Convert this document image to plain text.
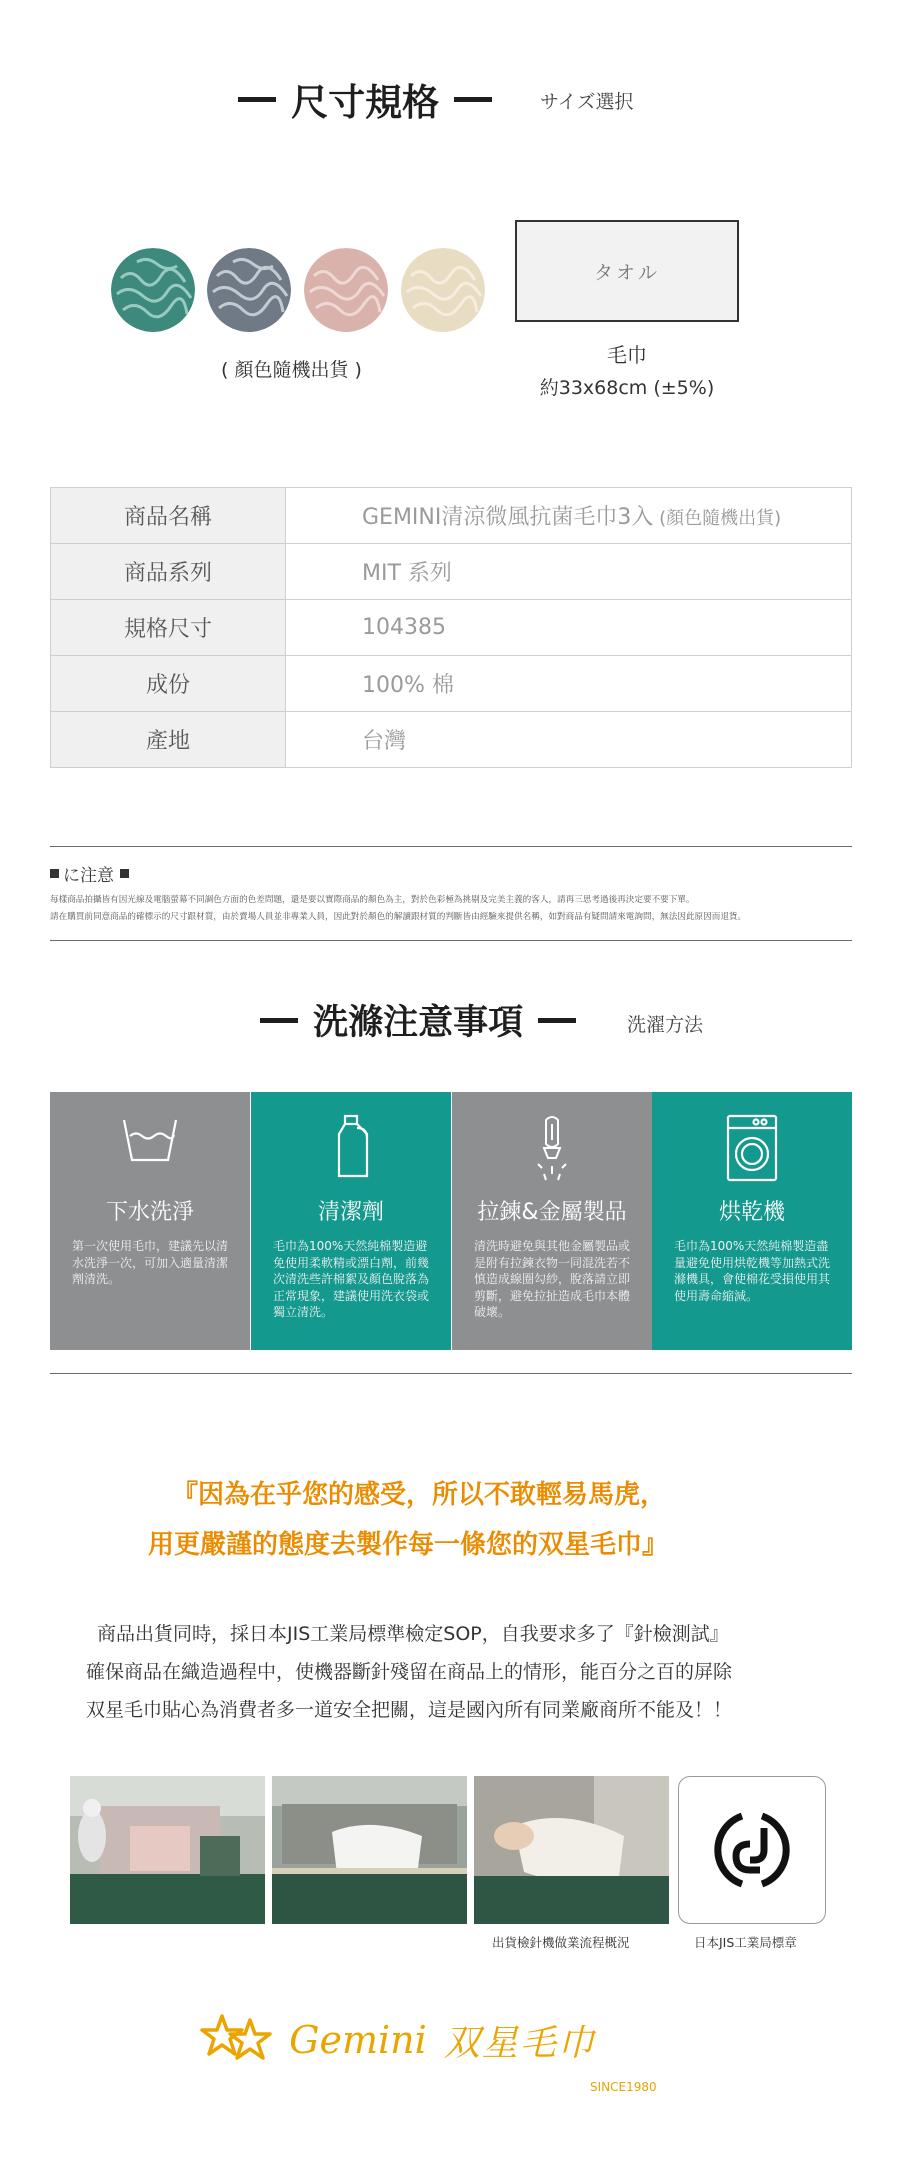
尺寸規格	サイズ選択
( 顏色隨機出貨 )
タオル
毛巾
約33x68cm (±5%)
商品名稱	GEMINI清涼微風抗菌毛巾3入 (顏色隨機出貨)
商品系列	MIT 系列
規格尺寸	104385
成份	100% 棉
產地	台灣
に注意
每樣商品拍攝皆有因光線及電腦螢幕不同調色方面的色差問題，還是要以實際商品的顏色為主，對於色彩極為挑剔及完美主義的客人，請再三思考過後再決定要不要下單。
請在購買前同意商品的確標示的尺寸跟材質，由於賣場人員並非專業人員，因此對於顏色的解讀跟材質的判斷皆由經驗來提供名稱，如對商品有疑問請來電詢問，無法因此原因而退貨。
洗滌注意事項	洗濯方法
下水洗淨
第一次使用毛巾，建議先以清水洗淨一次，可加入適量清潔劑清洗。
清潔劑
毛巾為100%天然純棉製造避免使用柔軟精或漂白劑，前幾次清洗些許棉絮及顏色脫落為正常現象，建議使用洗衣袋或獨立清洗。
拉鍊&金屬製品
清洗時避免與其他金屬製品或是附有拉鍊衣物一同混洗若不慎造成線圈勾紗，脫落請立即剪斷，避免拉扯造成毛巾本體破壞。
烘乾機
毛巾為100%天然純棉製造盡量避免使用烘乾機等加熱式洗滌機具，會使棉花受損使用其使用壽命縮減。
『因為在乎您的感受，所以不敢輕易馬虎，
用更嚴謹的態度去製作每一條您的双星毛巾』
商品出貨同時，採日本JIS工業局標準檢定SOP，自我要求多了『針檢測試』
確保商品在織造過程中，使機器斷針殘留在商品上的情形，能百分之百的屏除
双星毛巾貼心為消費者多一道安全把關，這是國內所有同業廠商所不能及！！
出貨檢針機做業流程概況	日本JIS工業局標章
Gemini 双星毛巾
SINCE1980
